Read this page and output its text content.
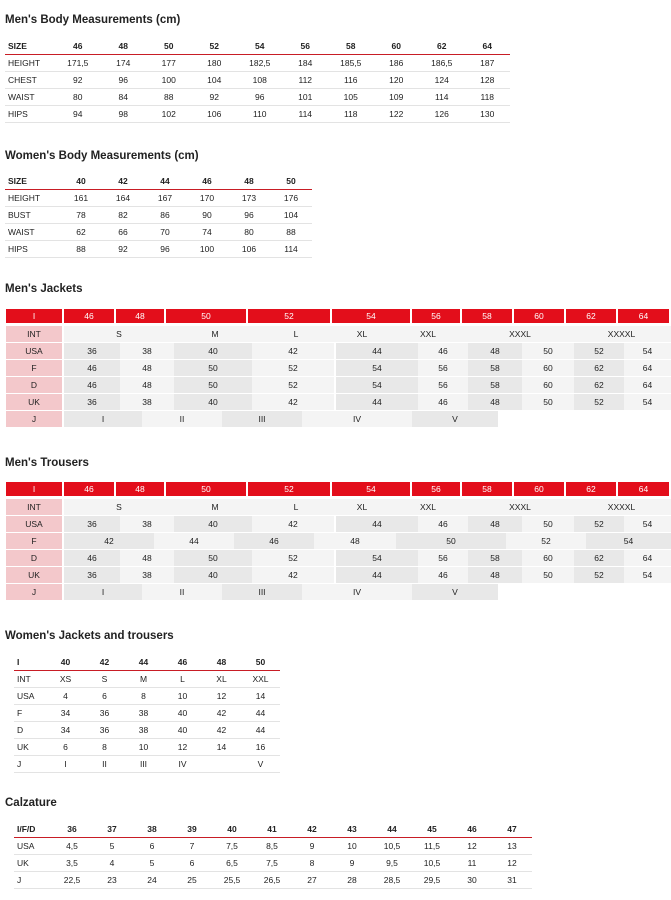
Men's Body Measurements (cm)
SIZE	46	48	50	52	54	56	58	60	62	64
HEIGHT	171,5	174	177	180	182,5	184	185,5	186	186,5	187
CHEST	92	96	100	104	108	112	116	120	124	128
WAIST	80	84	88	92	96	101	105	109	114	118
HIPS	94	98	102	106	110	114	118	122	126	130
Women's Body Measurements (cm)
SIZE	40	42	44	46	48	50
HEIGHT	161	164	167	170	173	176
BUST	78	82	86	90	96	104
WAIST	62	66	70	74	80	88
HIPS	88	92	96	100	106	114
Men's Jackets
I	46	48	50	52	54	56	58	60	62	64
INT	S	M	L	XL	XXL	XXXL	XXXXL
USA	36	38	40	42	44	46	48	50	52	54
F	46	48	50	52	54	56	58	60	62	64
D	46	48	50	52	54	56	58	60	62	64
UK	36	38	40	42	44	46	48	50	52	54
J	I	II	III	IV	V
Men's Trousers
I	46	48	50	52	54	56	58	60	62	64
INT	S	M	L	XL	XXL	XXXL	XXXXL
USA	36	38	40	42	44	46	48	50	52	54
F	42	44	46	48	50	52	54
D	46	48	50	52	54	56	58	60	62	64
UK	36	38	40	42	44	46	48	50	52	54
J	I	II	III	IV	V
Women's Jackets and trousers
I	40	42	44	46	48	50
INT	XS	S	M	L	XL	XXL
USA	4	6	8	10	12	14
F	34	36	38	40	42	44
D	34	36	38	40	42	44
UK	6	8	10	12	14	16
J	I	II	III	IV		V
Calzature
I/F/D	36	37	38	39	40	41	42	43	44	45	46	47
USA	4,5	5	6	7	7,5	8,5	9	10	10,5	11,5	12	13
UK	3,5	4	5	6	6,5	7,5	8	9	9,5	10,5	11	12
J	22,5	23	24	25	25,5	26,5	27	28	28,5	29,5	30	31
